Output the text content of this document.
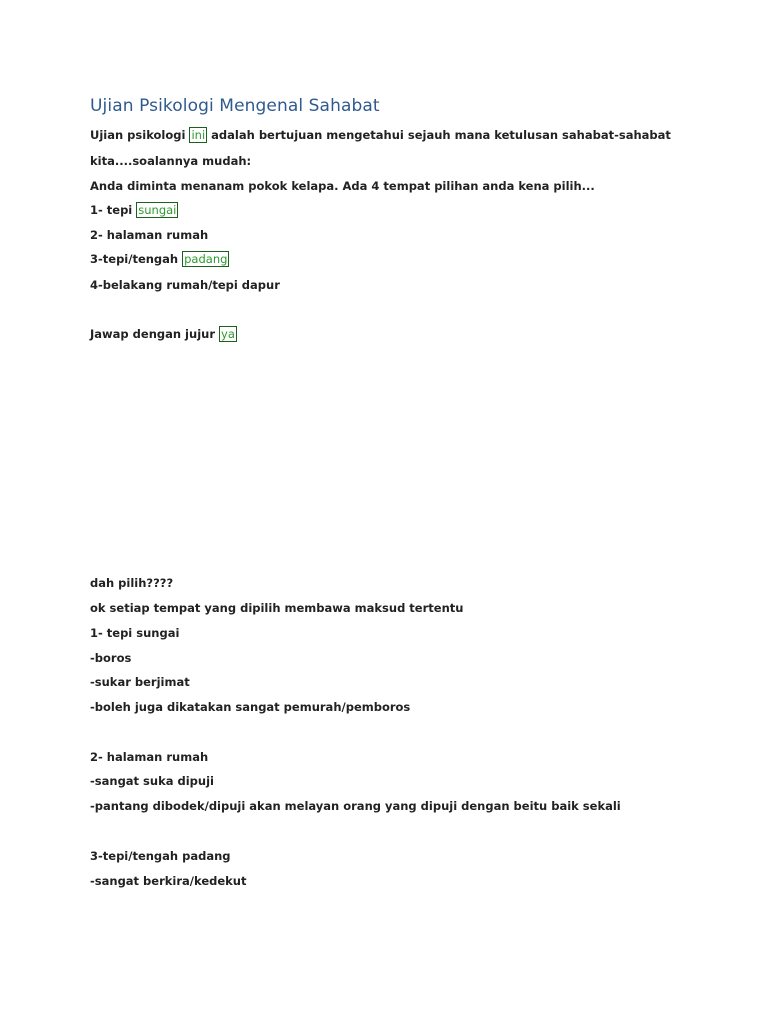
Ujian Psikologi Mengenal Sahabat

Ujian psikologi ini adalah bertujuan mengetahui sejauh mana ketulusan sahabat-sahabat

kita....soalannya mudah:

Anda diminta menanam pokok kelapa. Ada 4 tempat pilihan anda kena pilih...

1- tepi sungai

2- halaman rumah

3-tepi/tengah padang

4-belakang rumah/tepi dapur

Jawap dengan jujur ya

dah pilih????

ok setiap tempat yang dipilih membawa maksud tertentu

1- tepi sungai

-boros

-sukar berjimat

-boleh juga dikatakan sangat pemurah/pemboros

2- halaman rumah

-sangat suka dipuji

-pantang dibodek/dipuji akan melayan orang yang dipuji dengan beitu baik sekali

3-tepi/tengah padang

-sangat berkira/kedekut
